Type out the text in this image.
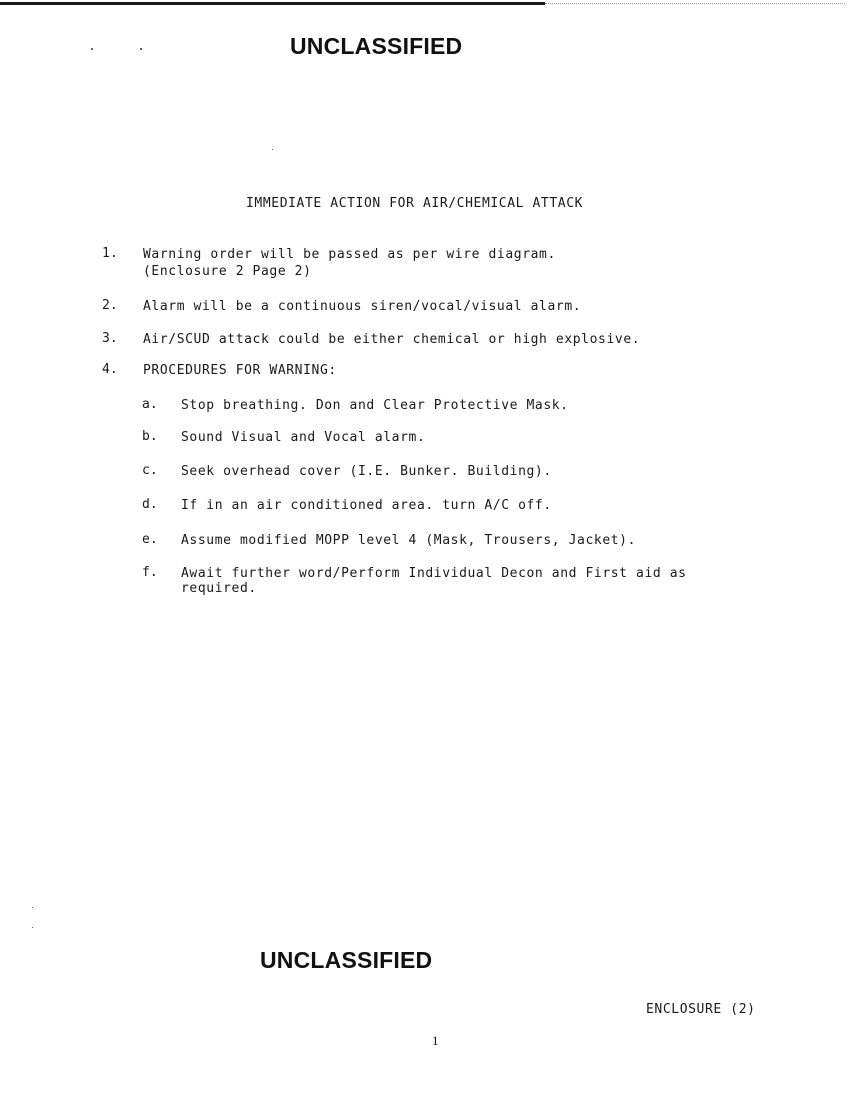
UNCLASSIFIED
IMMEDIATE ACTION FOR AIR/CHEMICAL ATTACK
1. Warning order will be passed as per wire diagram.
(Enclosure 2 Page 2)
2. Alarm will be a continuous siren/vocal/visual alarm.
3. Air/SCUD attack could be either chemical or high explosive.
4. PROCEDURES FOR WARNING:
a. Stop breathing. Don and Clear Protective Mask.
b. Sound Visual and Vocal alarm.
c. Seek overhead cover (I.E. Bunker. Building).
d. If in an air conditioned area. turn A/C off.
e. Assume modified MOPP level 4 (Mask, Trousers, Jacket).
f. Await further word/Perform Individual Decon and First aid as
required.
UNCLASSIFIED
ENCLOSURE (2)
1
